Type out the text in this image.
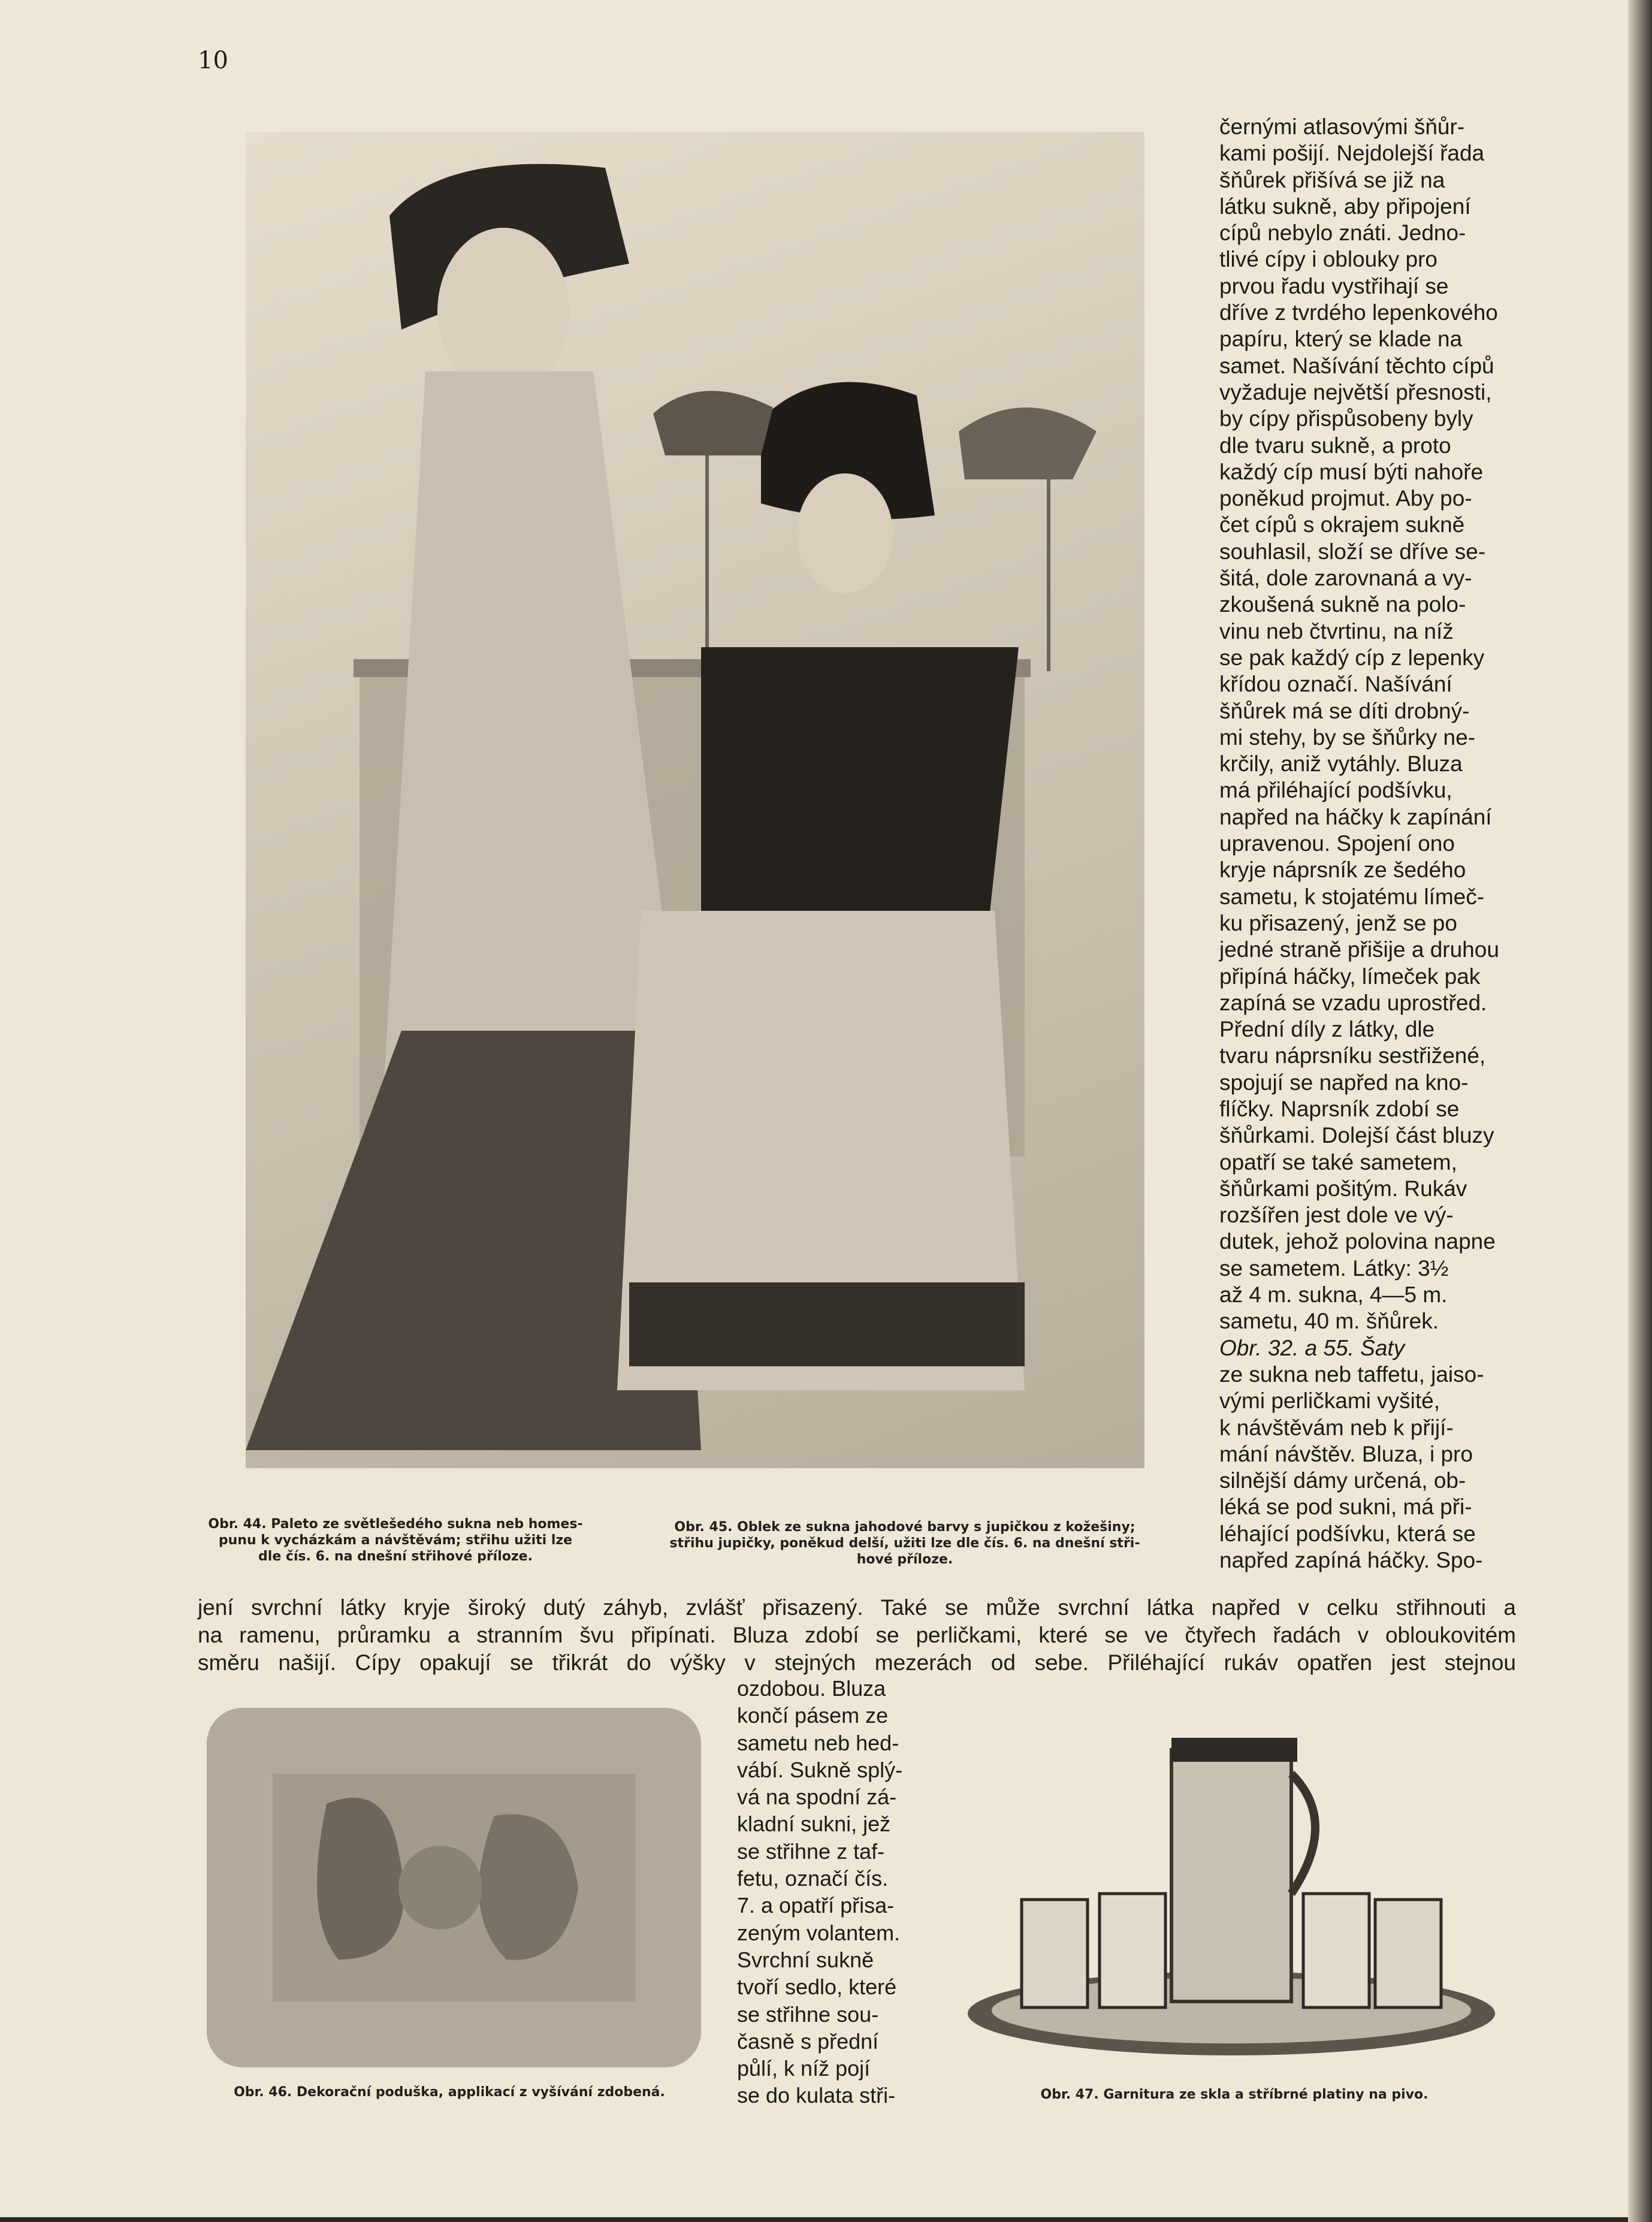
10
Obr. 44. Paleto ze světlešedého sukna neb homes-
punu k vycházkám a návštěvám; střihu užiti lze
dle čís. 6. na dnešní střihové příloze.
Obr. 45. Oblek ze sukna jahodové barvy s jupičkou z kožešiny;
střihu jupičky, poněkud delší, užiti lze dle čís. 6. na dnešní stři-
hové příloze.
černými atlasovými šňůr-
kami pošijí. Nejdolejší řada
šňůrek přišívá se již na
látku sukně, aby připojení
cípů nebylo znáti. Jedno-
tlivé cípy i oblouky pro
prvou řadu vystřihají se
dříve z tvrdého lepenkového
papíru, který se klade na
samet. Našívání těchto cípů
vyžaduje největší přesnosti,
by cípy přispůsobeny byly
dle tvaru sukně, a proto
každý cíp musí býti nahoře
poněkud projmut. Aby po-
čet cípů s okrajem sukně
souhlasil, složí se dříve se-
šitá, dole zarovnaná a vy-
zkoušená sukně na polo-
vinu neb čtvrtinu, na níž
se pak každý cíp z lepenky
křídou označí. Našívání
šňůrek má se díti drobný-
mi stehy, by se šňůrky ne-
krčily, aniž vytáhly. Bluza
má přiléhající podšívku,
napřed na háčky k zapínání
upravenou. Spojení ono
kryje náprsník ze šedého
sametu, k stojatému límeč-
ku přisazený, jenž se po
jedné straně přišije a druhou
připíná háčky, límeček pak
zapíná se vzadu uprostřed.
Přední díly z látky, dle
tvaru náprsníku sestřižené,
spojují se napřed na kno-
flíčky. Naprsník zdobí se
šňůrkami. Dolejší část bluzy
opatří se také sametem,
šňůrkami pošitým. Rukáv
rozšířen jest dole ve vý-
dutek, jehož polovina napne
se sametem. Látky: 3½
až 4 m. sukna, 4—5 m.
sametu, 40 m. šňůrek.
Obr. 32. a 55. Šaty
ze sukna neb taffetu, jaiso-
vými perličkami vyšité,
k návštěvám neb k přijí-
mání návštěv. Bluza, i pro
silnější dámy určená, ob-
léká se pod sukni, má při-
léhající podšívku, která se
napřed zapíná háčky. Spo-
jení svrchní látky kryje široký dutý záhyb, zvlášť přisazený. Také se může svrchní látka napřed v celku střihnouti a
na ramenu, průramku a stranním švu připínati. Bluza zdobí se perličkami, které se ve čtyřech řadách v obloukovitém
směru našijí. Cípy opakují se třikrát do výšky v stejných mezerách od sebe. Přiléhající rukáv opatřen jest stejnou
Obr. 46. Dekorační poduška, applikací z vyšívání zdobená.
ozdobou. Bluza
končí pásem ze
sametu neb hed-
vábí. Sukně splý-
vá na spodní zá-
kladní sukni, jež
se střihne z taf-
fetu, označí čís.
7. a opatří přisa-
zeným volantem.
Svrchní sukně
tvoří sedlo, které
se střihne sou-
časně s přední
půlí, k níž pojí
se do kulata stři-	Obr. 47. Garnitura ze skla a stříbrné platiny na pivo.
